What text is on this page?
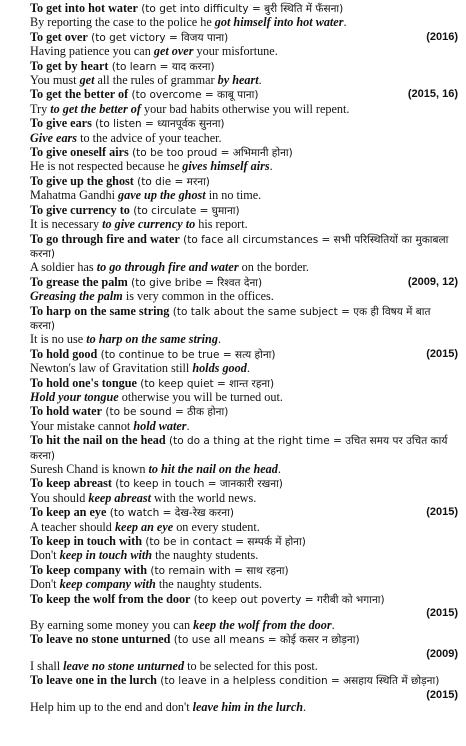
To get into hot water (to get into difficulty = बुरी स्थिति में फँसना)
By reporting the case to the police he got himself into hot water.
To get over (to get victory = विजय पाना)	(2016)
Having patience you can get over your misfortune.
To get by heart (to learn = याद करना)
You must get all the rules of grammar by heart.
To get the better of (to overcome = काबू पाना)	(2015, 16)
Try to get the better of your bad habits otherwise you will repent.
To give ears (to listen = ध्यानपूर्वक सुनना)
Give ears to the advice of your teacher.
To give oneself airs (to be too proud = अभिमानी होना)
He is not respected because he gives himself airs.
To give up the ghost (to die = मरना)
Mahatma Gandhi gave up the ghost in no time.
To give currency to (to circulate = घुमाना)
It is necessary to give currency to his report.
To go through fire and water (to face all circumstances = सभी परिस्थितियों का मुकाबला करना)
A soldier has to go through fire and water on the border.
To grease the palm (to give bribe = रिश्वत देना)	(2009, 12)
Greasing the palm is very common in the offices.
To harp on the same string (to talk about the same subject = एक ही विषय में बात करना)
It is no use to harp on the same string.
To hold good (to continue to be true = सत्य होना)	(2015)
Newton's law of Gravitation still holds good.
To hold one's tongue (to keep quiet = शान्त रहना)
Hold your tongue otherwise you will be turned out.
To hold water (to be sound = ठीक होना)
Your mistake cannot hold water.
To hit the nail on the head (to do a thing at the right time = उचित समय पर उचित कार्य करना)
Suresh Chand is known to hit the nail on the head.
To keep abreast (to keep in touch = जानकारी रखना)
You should keep abreast with the world news.
To keep an eye (to watch = देख-रेख करना)	(2015)
A teacher should keep an eye on every student.
To keep in touch with (to be in contact = सम्पर्क में होना)
Don't keep in touch with the naughty students.
To keep company with (to remain with = साथ रहना)
Don't keep company with the naughty students.
To keep the wolf from the door (to keep out poverty = गरीबी को भगाना)
(2015)
By earning some money you can keep the wolf from the door.
To leave no stone unturned (to use all means = कोई कसर न छोड़ना)
(2009)
I shall leave no stone unturned to be selected for this post.
To leave one in the lurch (to leave in a helpless condition = असहाय स्थिति में छोड़ना)
(2015)
Help him up to the end and don't leave him in the lurch.
